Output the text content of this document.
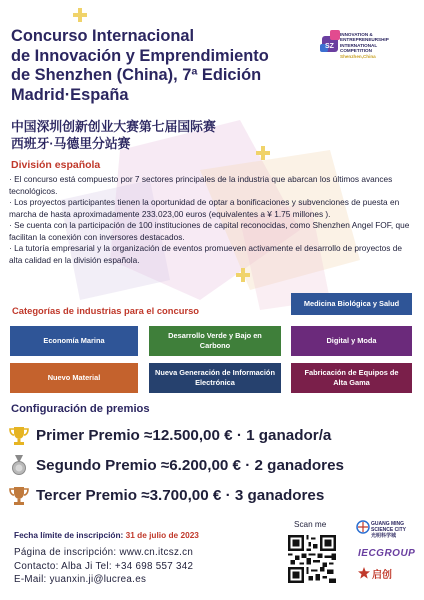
Concurso Internacional
de Innovación y Emprendimiento
de Shenzhen (China), 7ª Edición
Madrid·España
中国深圳创新创业大赛第七届国际赛
西班牙·马德里分站赛
SZ
INNOVATION &
ENTREPRENEURSHIP
INTERNATIONAL
COMPETITION
Shenzhen,China
División española

· El concurso está compuesto por 7 sectores principales de la industria que abarcan los últimos avances tecnológicos.

· Los proyectos participantes tienen la oportunidad de optar a bonificaciones y subvenciones de puesta en marcha de hasta aproximadamente 233.023,00 euros (equivalentes a ¥ 1.75 millones ).

· Se cuenta con la participación de 100 instituciones de capital reconocidas, como Shenzhen Angel FOF, que facilitan la conexión con inversores destacados.

· La tutoría empresarial y la organización de eventos promueven activamente el desarrollo de proyectos de alta calidad en la división española.

Categorías de industrias para el concurso
Medicina Biológica y Salud
Economía Marina
Desarrollo Verde y Bajo en Carbono
Digital y Moda
Nuevo Material
Nueva Generación de Información Electrónica
Fabricación de Equipos de Alta Gama
Configuración de premios
Primer Premio ≈12.500,00 € · 1 ganador/a
Segundo Premio ≈6.200,00 € · 2 ganadores
Tercer Premio ≈3.700,00 € · 3 ganadores
Fecha límite de inscripción: 31 de julio de 2023
Página de inscripción: www.cn.itcsz.cn
Contacto: Alba Ji Tel: +34 698 557 342
E-Mail: yuanxin.ji@lucrea.es
Scan me	GUANG MING SCIENCE CITY
光明科学城
IECGROUP
启创
